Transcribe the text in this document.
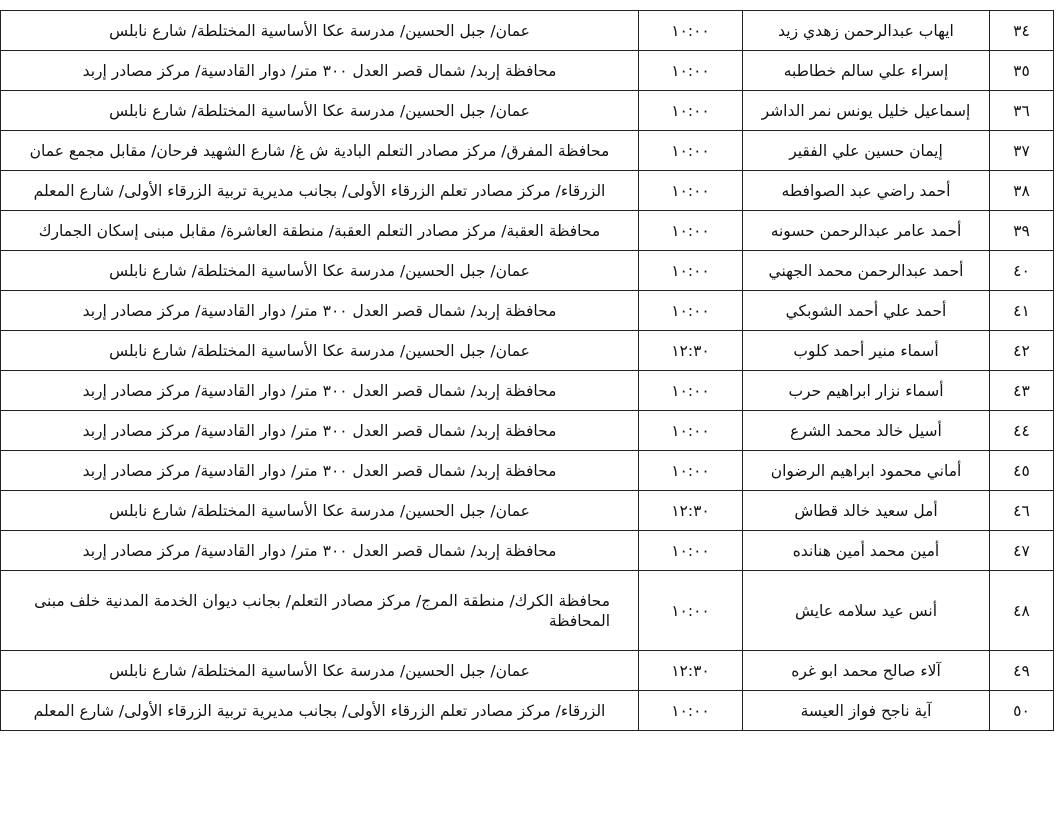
٣٤	ايهاب عبدالرحمن زهدي زيد	١٠:٠٠	عمان/ جبل الحسين/ مدرسة عكا الأساسية المختلطة/ شارع نابلس
٣٥	إسراء علي سالم خطاطبه	١٠:٠٠	محافظة إربد/ شمال قصر العدل ٣٠٠ متر/ دوار القادسية/ مركز مصادر إربد
٣٦	إسماعيل خليل يونس نمر الداشر	١٠:٠٠	عمان/ جبل الحسين/ مدرسة عكا الأساسية المختلطة/ شارع نابلس
٣٧	إيمان حسين علي الفقير	١٠:٠٠	محافظة المفرق/ مركز مصادر التعلم البادية ش غ/ شارع الشهيد فرحان/ مقابل مجمع عمان
٣٨	أحمد راضي عبد الصوافطه	١٠:٠٠	الزرقاء/ مركز مصادر تعلم الزرقاء الأولى/ بجانب مديرية تربية الزرقاء الأولى/ شارع المعلم
٣٩	أحمد عامر عبدالرحمن حسونه	١٠:٠٠	محافظة العقبة/ مركز مصادر التعلم العقبة/ منطقة العاشرة/ مقابل مبنى إسكان الجمارك
٤٠	أحمد عبدالرحمن محمد الجهني	١٠:٠٠	عمان/ جبل الحسين/ مدرسة عكا الأساسية المختلطة/ شارع نابلس
٤١	أحمد علي أحمد الشوبكي	١٠:٠٠	محافظة إربد/ شمال قصر العدل ٣٠٠ متر/ دوار القادسية/ مركز مصادر إربد
٤٢	أسماء منير أحمد كلوب	١٢:٣٠	عمان/ جبل الحسين/ مدرسة عكا الأساسية المختلطة/ شارع نابلس
٤٣	أسماء نزار ابراهيم حرب	١٠:٠٠	محافظة إربد/ شمال قصر العدل ٣٠٠ متر/ دوار القادسية/ مركز مصادر إربد
٤٤	أسيل خالد محمد الشرع	١٠:٠٠	محافظة إربد/ شمال قصر العدل ٣٠٠ متر/ دوار القادسية/ مركز مصادر إربد
٤٥	أماني محمود ابراهيم الرضوان	١٠:٠٠	محافظة إربد/ شمال قصر العدل ٣٠٠ متر/ دوار القادسية/ مركز مصادر إربد
٤٦	أمل سعيد خالد قطاش	١٢:٣٠	عمان/ جبل الحسين/ مدرسة عكا الأساسية المختلطة/ شارع نابلس
٤٧	أمين محمد أمين هنانده	١٠:٠٠	محافظة إربد/ شمال قصر العدل ٣٠٠ متر/ دوار القادسية/ مركز مصادر إربد
٤٨	أنس عيد سلامه عايش	١٠:٠٠	محافظة الكرك/ منطقة المرج/ مركز مصادر التعلم/ بجانب ديوان الخدمة المدنية خلف مبنى المحافظة
٤٩	آلاء صالح محمد ابو غره	١٢:٣٠	عمان/ جبل الحسين/ مدرسة عكا الأساسية المختلطة/ شارع نابلس
٥٠	آية ناجح فواز العيسة	١٠:٠٠	الزرقاء/ مركز مصادر تعلم الزرقاء الأولى/ بجانب مديرية تربية الزرقاء الأولى/ شارع المعلم
